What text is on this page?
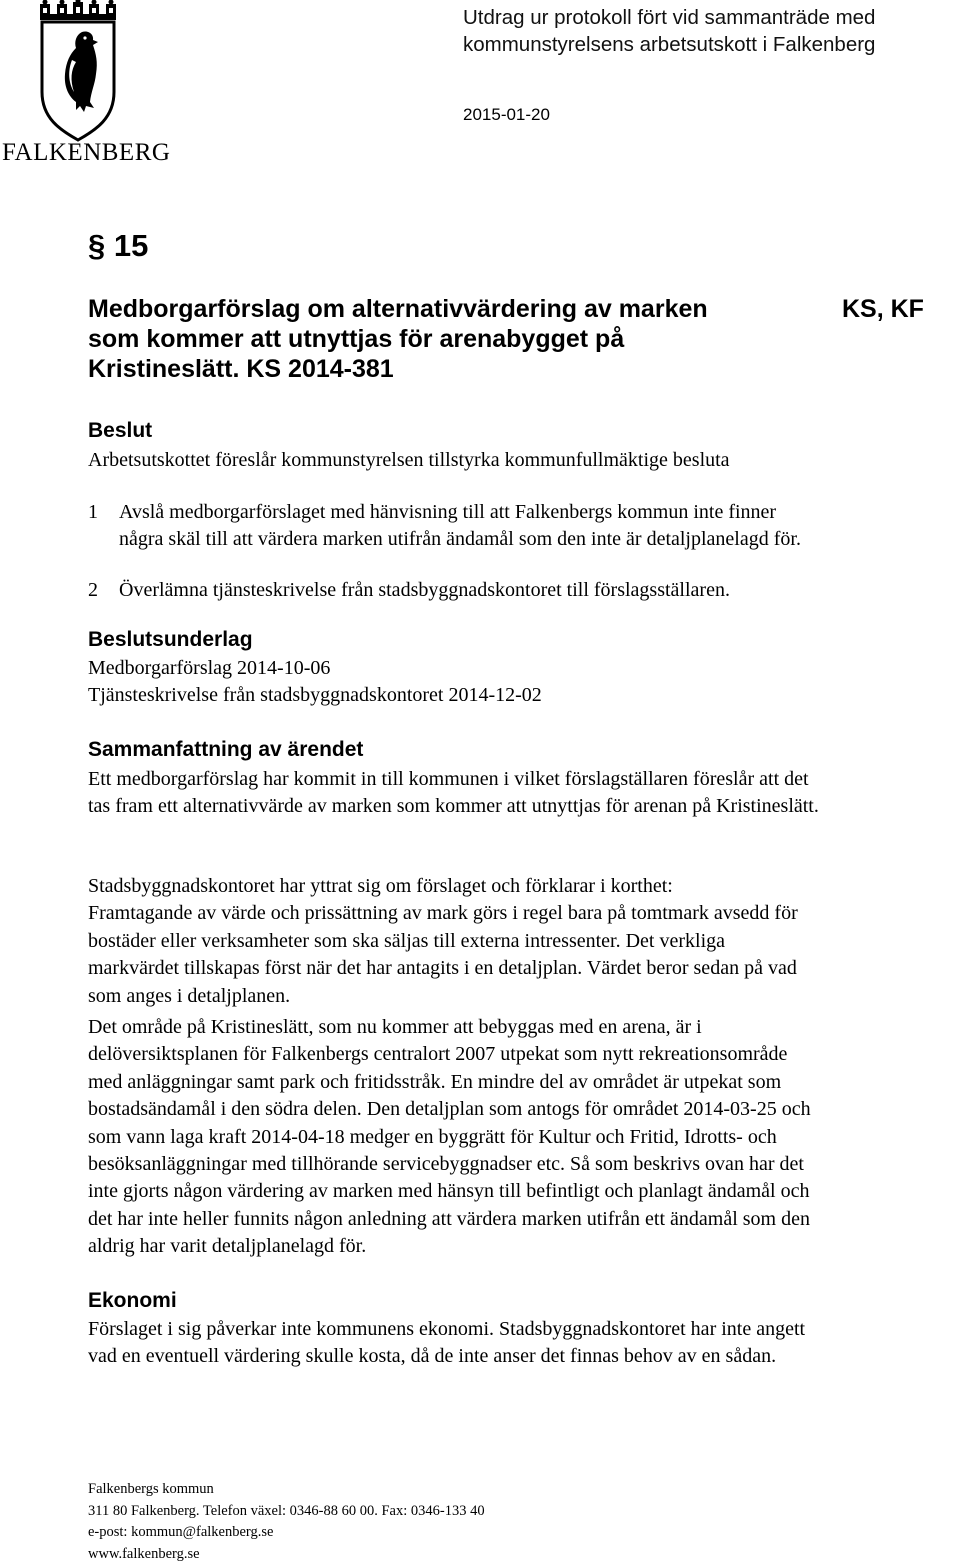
FALKENBERG
Utdrag ur protokoll fört vid sammanträde med
kommunstyrelsens arbetsutskott i Falkenberg
2015-01-20
§ 15
Medborgarförslag om alternativvärdering av marken
som kommer att utnyttjas för arenabygget på
Kristineslätt. KS 2014-381
KS, KF
Beslut
Arbetsutskottet föreslår kommunstyrelsen tillstyrka kommunfullmäktige besluta
1 Avslå medborgarförslaget med hänvisning till att Falkenbergs kommun inte finner
några skäl till att värdera marken utifrån ändamål som den inte är detaljplanelagd för.
2 Överlämna tjänsteskrivelse från stadsbyggnadskontoret till förslagsställaren.
Beslutsunderlag
Medborgarförslag 2014-10-06
Tjänsteskrivelse från stadsbyggnadskontoret 2014-12-02
Sammanfattning av ärendet
Ett medborgarförslag har kommit in till kommunen i vilket förslagställaren föreslår att det
tas fram ett alternativvärde av marken som kommer att utnyttjas för arenan på Kristineslätt.
Stadsbyggnadskontoret har yttrat sig om förslaget och förklarar i korthet:
Framtagande av värde och prissättning av mark görs i regel bara på tomtmark avsedd för
bostäder eller verksamheter som ska säljas till externa intressenter. Det verkliga
markvärdet tillskapas först när det har antagits i en detaljplan. Värdet beror sedan på vad
som anges i detaljplanen.
Det område på Kristineslätt, som nu kommer att bebyggas med en arena, är i
delöversiktsplanen för Falkenbergs centralort 2007 utpekat som nytt rekreationsområde
med anläggningar samt park och fritidsstråk. En mindre del av området är utpekat som
bostadsändamål i den södra delen. Den detaljplan som antogs för området 2014-03-25 och
som vann laga kraft 2014-04-18 medger en byggrätt för Kultur och Fritid, Idrotts- och
besöksanläggningar med tillhörande servicebyggnadser etc. Så som beskrivs ovan har det
inte gjorts någon värdering av marken med hänsyn till befintligt och planlagt ändamål och
det har inte heller funnits någon anledning att värdera marken utifrån ett ändamål som den
aldrig har varit detaljplanelagd för.
Ekonomi
Förslaget i sig påverkar inte kommunens ekonomi. Stadsbyggnadskontoret har inte angett
vad en eventuell värdering skulle kosta, då de inte anser det finnas behov av en sådan.
Falkenbergs kommun
311 80 Falkenberg. Telefon växel: 0346-88 60 00. Fax: 0346-133 40
e-post: kommun@falkenberg.se
www.falkenberg.se
